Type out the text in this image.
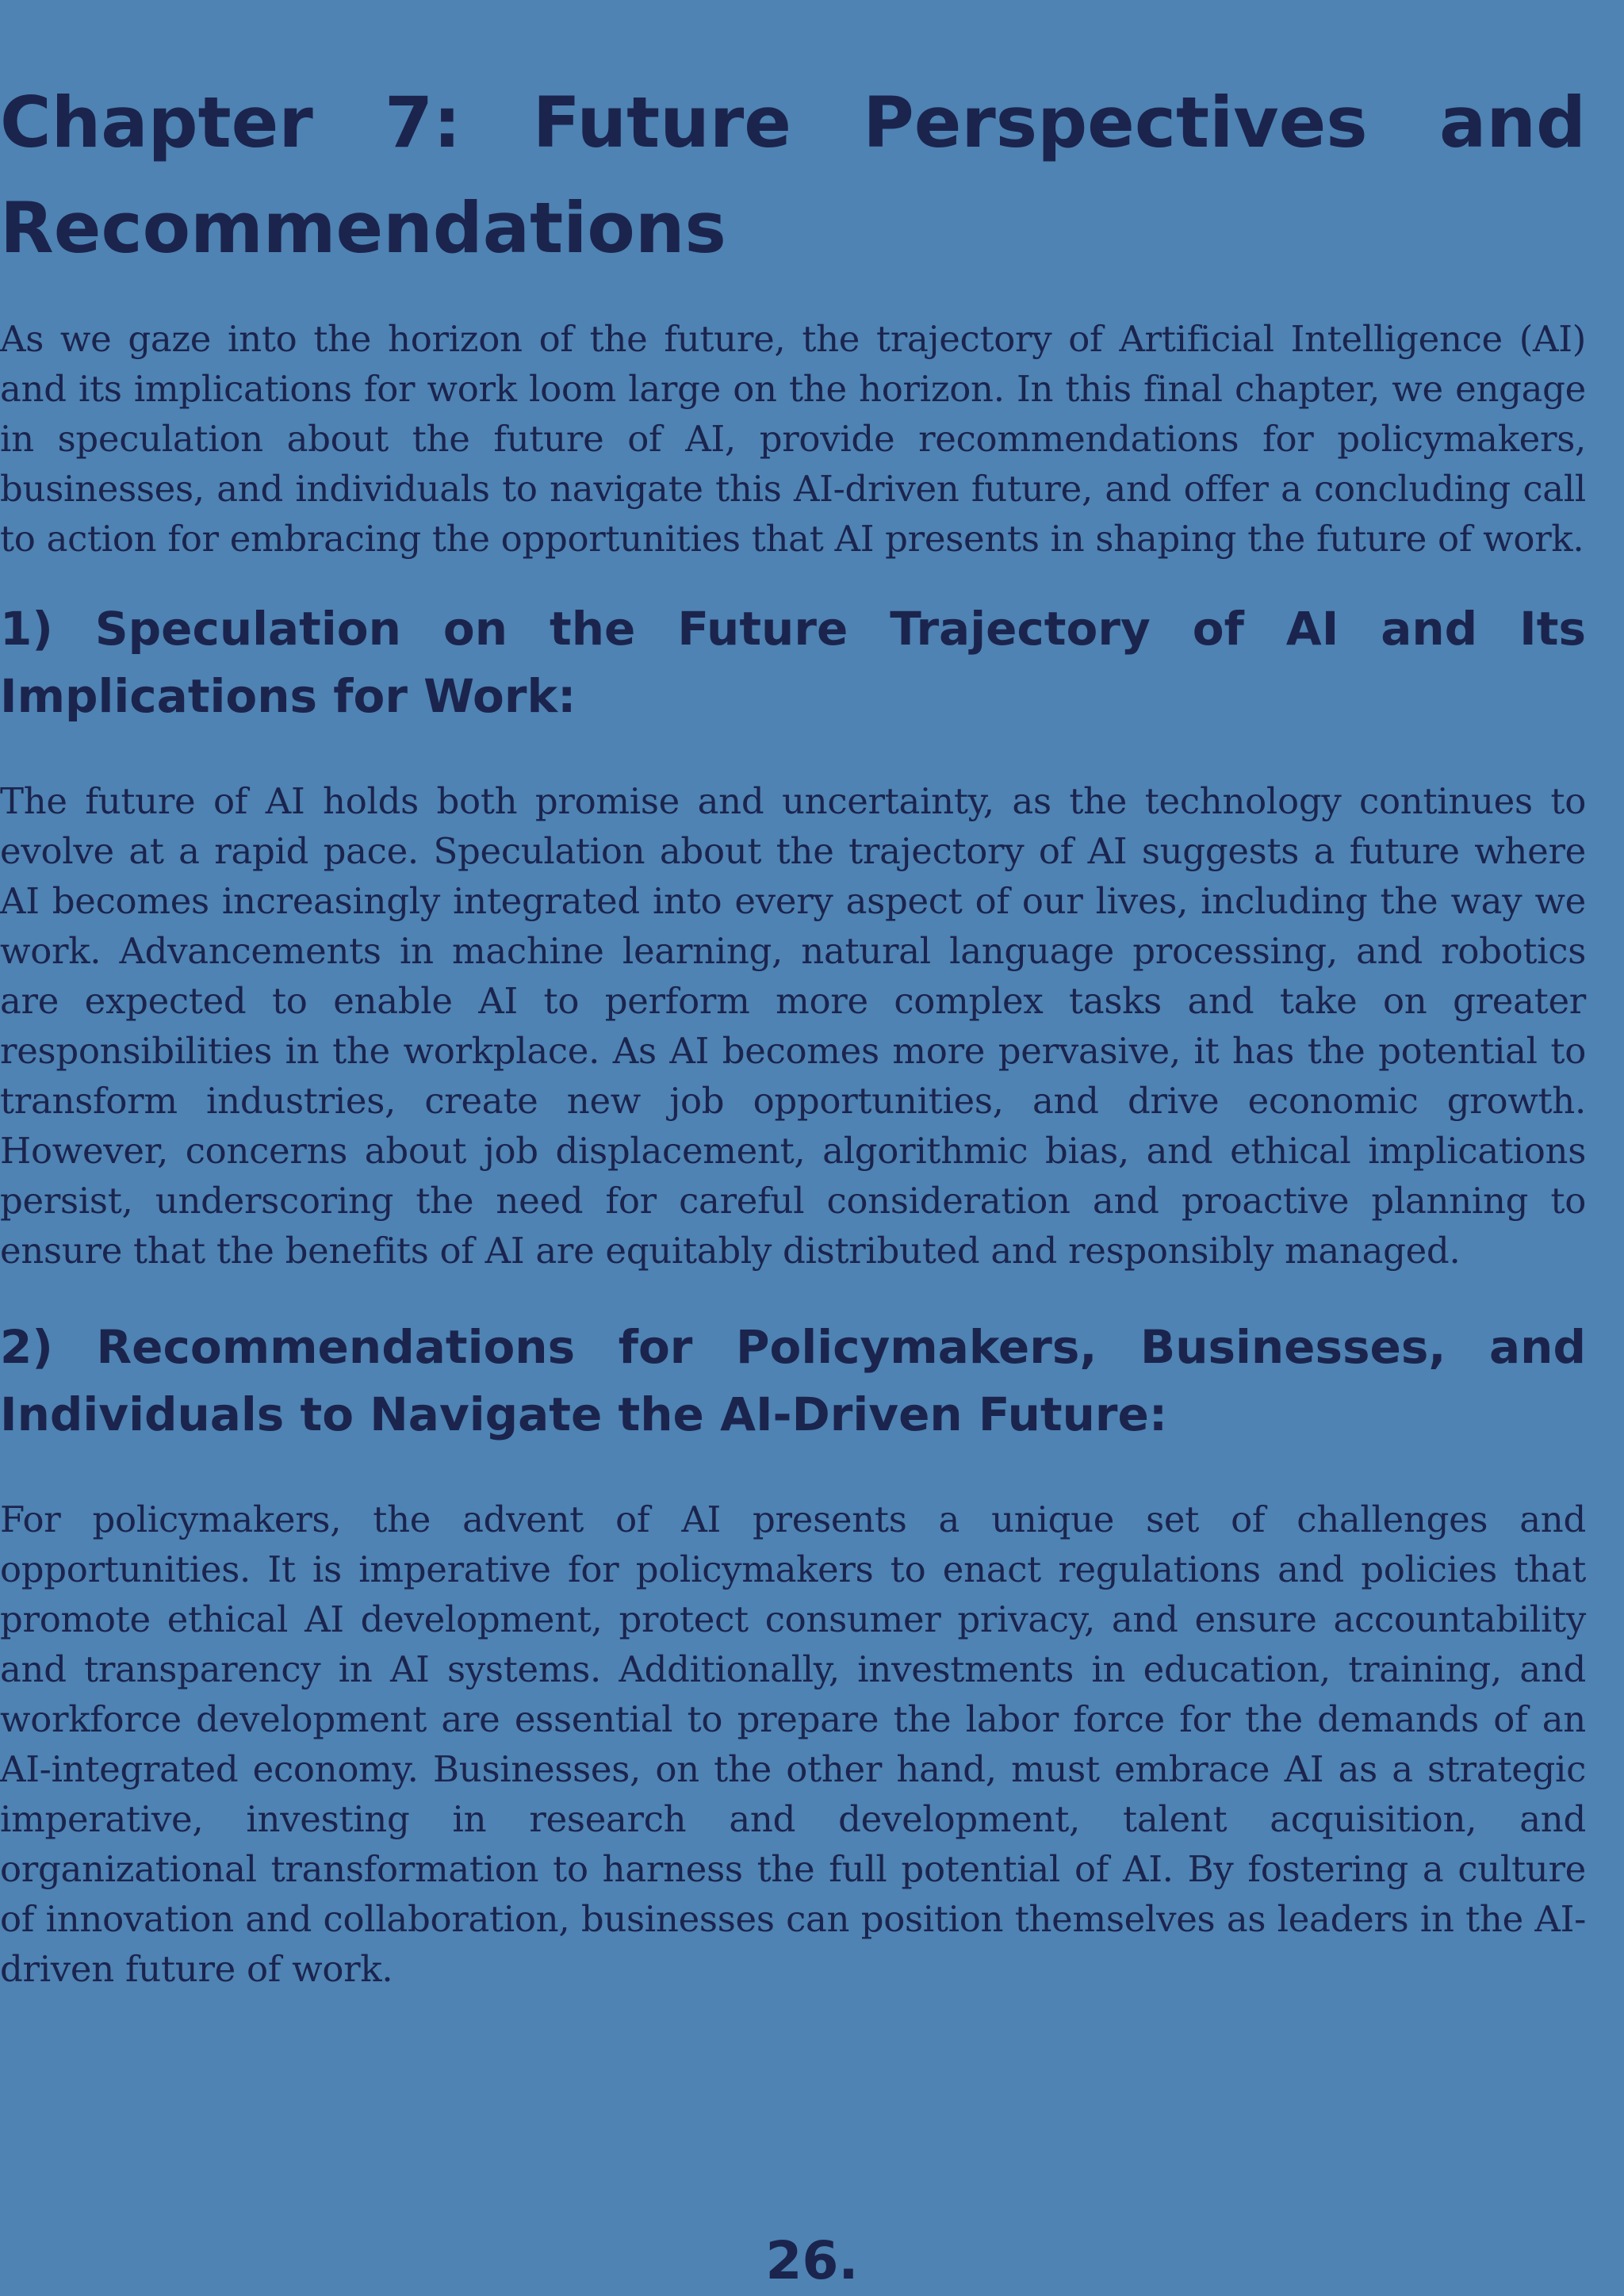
Chapter 7: Future Perspectives and Recommendations

As we gaze into the horizon of the future, the trajectory of Artificial Intelligence (AI) and its implications for work loom large on the horizon. In this final chapter, we engage in speculation about the future of AI, provide recommendations for policymakers, businesses, and individuals to navigate this AI-driven future, and offer a concluding call to action for embracing the opportunities that AI presents in shaping the future of work.

1) Speculation on the Future Trajectory of AI and Its Implications for Work:

The future of AI holds both promise and uncertainty, as the technology continues to evolve at a rapid pace. Speculation about the trajectory of AI suggests a future where AI becomes increasingly integrated into every aspect of our lives, including the way we work. Advancements in machine learning, natural language processing, and robotics are expected to enable AI to perform more complex tasks and take on greater responsibilities in the workplace. As AI becomes more pervasive, it has the potential to transform industries, create new job opportunities, and drive economic growth. However, concerns about job displacement, algorithmic bias, and ethical implications persist, underscoring the need for careful consideration and proactive planning to ensure that the benefits of AI are equitably distributed and responsibly managed.

2) Recommendations for Policymakers, Businesses, and Individuals to Navigate the AI-Driven Future:

For policymakers, the advent of AI presents a unique set of challenges and opportunities. It is imperative for policymakers to enact regulations and policies that promote ethical AI development, protect consumer privacy, and ensure accountability and transparency in AI systems. Additionally, investments in education, training, and workforce development are essential to prepare the labor force for the demands of an AI-integrated economy. Businesses, on the other hand, must embrace AI as a strategic imperative, investing in research and development, talent acquisition, and organizational transformation to harness the full potential of AI. By fostering a culture of innovation and collaboration, businesses can position themselves as leaders in the AI-driven future of work.

26.
